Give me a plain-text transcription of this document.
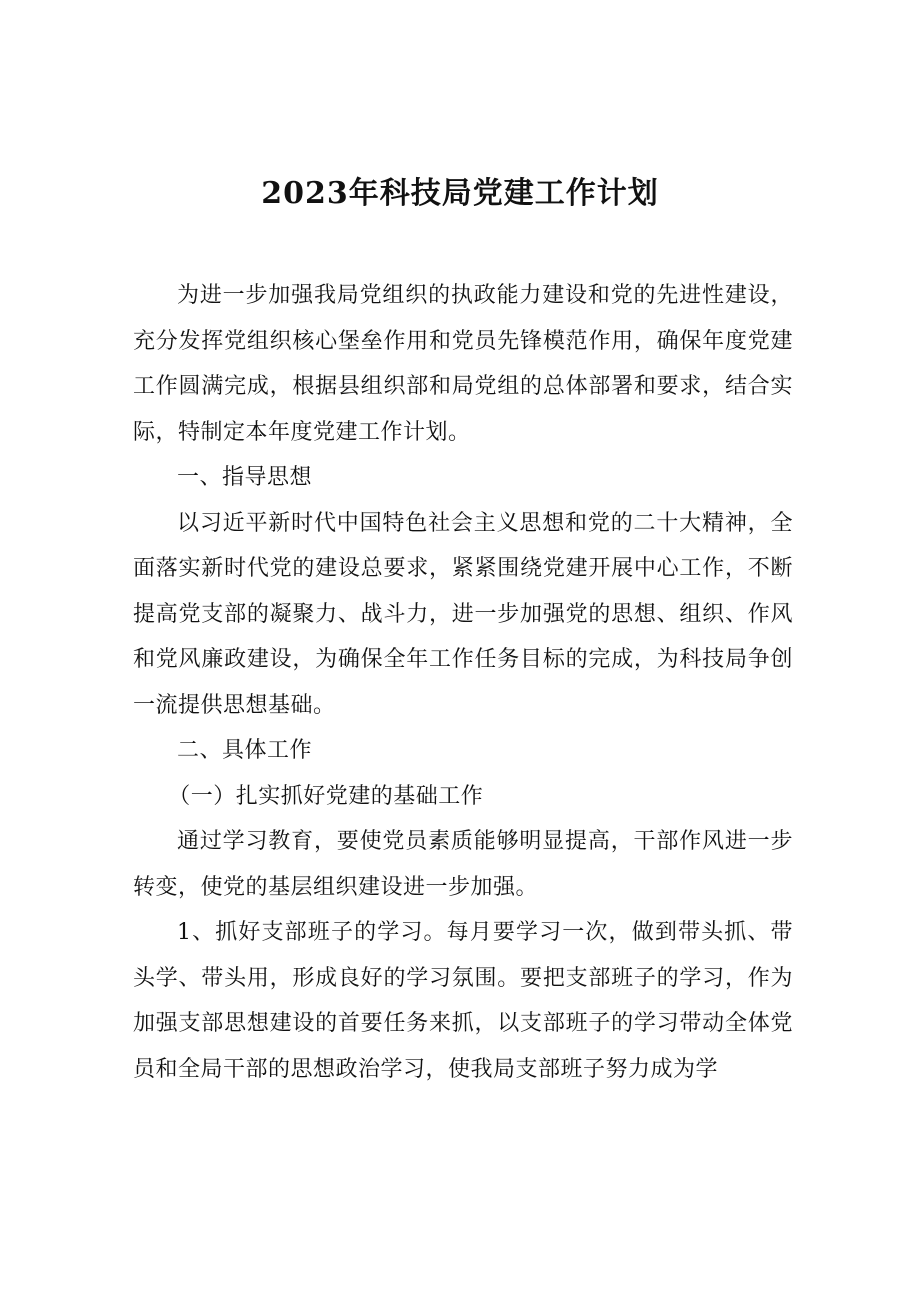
2023年科技局党建工作计划

为进一步加强我局党组织的执政能力建设和党的先进性建设，充分发挥党组织核心堡垒作用和党员先锋模范作用，确保年度党建工作圆满完成，根据县组织部和局党组的总体部署和要求，结合实际，特制定本年度党建工作计划。

一、指导思想

以习近平新时代中国特色社会主义思想和党的二十大精神，全面落实新时代党的建设总要求，紧紧围绕党建开展中心工作，不断提高党支部的凝聚力、战斗力，进一步加强党的思想、组织、作风和党风廉政建设，为确保全年工作任务目标的完成，为科技局争创一流提供思想基础。

二、具体工作

（一）扎实抓好党建的基础工作

通过学习教育，要使党员素质能够明显提高，干部作风进一步转变，使党的基层组织建设进一步加强。

1、抓好支部班子的学习。每月要学习一次，做到带头抓、带头学、带头用，形成良好的学习氛围。要把支部班子的学习，作为加强支部思想建设的首要任务来抓，以支部班子的学习带动全体党员和全局干部的思想政治学习，使我局支部班子努力成为学
